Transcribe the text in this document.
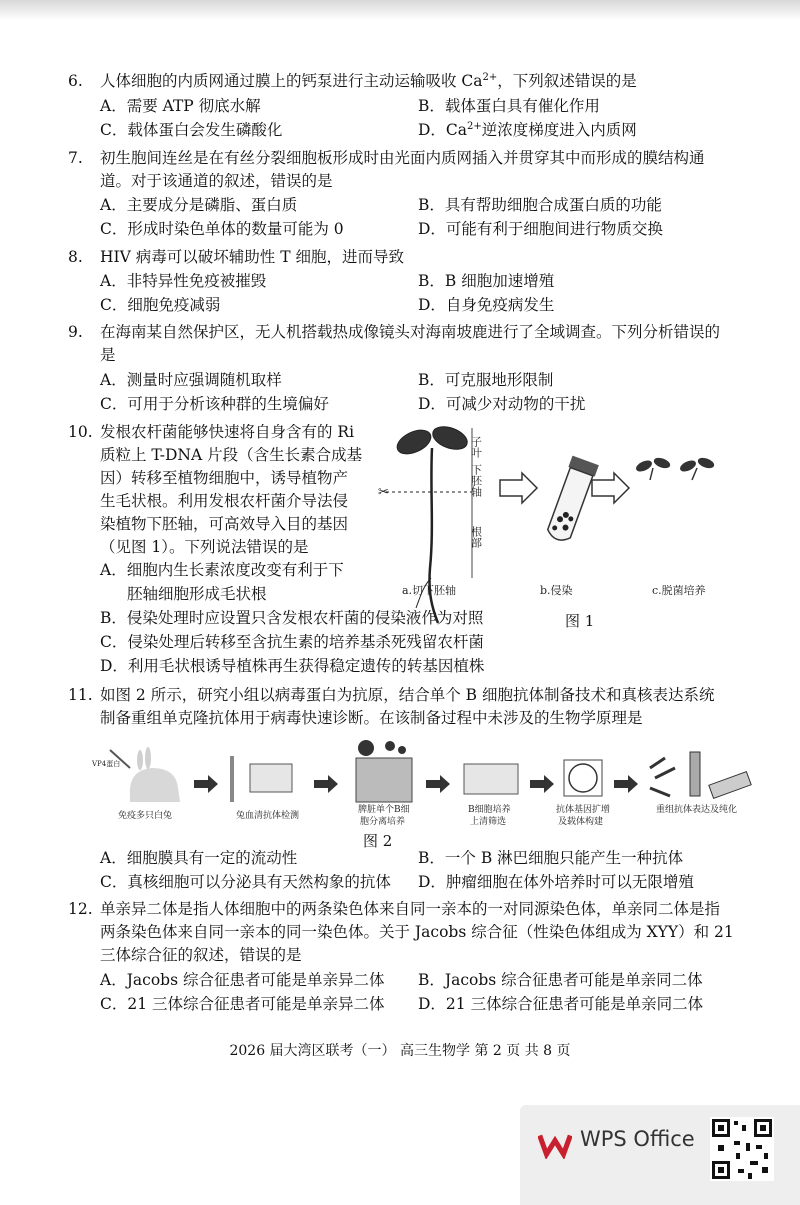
6. 人体细胞的内质网通过膜上的钙泵进行主动运输吸收 $Ca^{2+}$，下列叙述错误的是
A．需要 ATP 彻底水解	B．载体蛋白具有催化作用
C．载体蛋白会发生磷酸化	D．$Ca^{2+}$逆浓度梯度进入内质网
7. 初生胞间连丝是在有丝分裂细胞板形成时由光面内质网插入并贯穿其中而形成的膜结构通
道。对于该通道的叙述，错误的是
A．主要成分是磷脂、蛋白质	B．具有帮助细胞合成蛋白质的功能
C．形成时染色单体的数量可能为 0	D．可能有利于细胞间进行物质交换
8. HIV 病毒可以破坏辅助性 T 细胞，进而导致
A．非特异性免疫被摧毁	B．B 细胞加速增殖
C．细胞免疫减弱	D．自身免疫病发生
9. 在海南某自然保护区，无人机搭载热成像镜头对海南坡鹿进行了全域调查。下列分析错误的
是
A．测量时应强调随机取样	B．可克服地形限制
C．可用于分析该种群的生境偏好	D．可减少对动物的干扰
10. 发根农杆菌能够快速将自身含有的 Ri
质粒上 T-DNA 片段（含生长素合成基
因）转移至植物细胞中，诱导植物产
生毛状根。利用发根农杆菌介导法侵
染植物下胚轴，可高效导入目的基因
（见图 1）。下列说法错误的是
A．细胞内生长素浓度改变有利于下
胚轴细胞形成毛状根
B．侵染处理时应设置只含发根农杆菌的侵染液作为对照
C．侵染处理后转移至含抗生素的培养基杀死残留农杆菌
D．利用毛状根诱导植株再生获得稳定遗传的转基因植株
✂
子叶
下胚轴
根部
a.切下胚轴	b.侵染	c.脱菌培养
图 1
11. 如图 2 所示，研究小组以病毒蛋白为抗原，结合单个 B 细胞抗体制备技术和真核表达系统
制备重组单克隆抗体用于病毒快速诊断。在该制备过程中未涉及的生物学原理是
VP4蛋白
免疫多只白兔	兔血清抗体检测
脾脏单个B细
胞分离培养
B细胞培养
上清筛选
抗体基因扩增
及载体构建
重组抗体表达及纯化
图 2
A．细胞膜具有一定的流动性	B．一个 B 淋巴细胞只能产生一种抗体
C．真核细胞可以分泌具有天然构象的抗体 D．肿瘤细胞在体外培养时可以无限增殖
12. 单亲异二体是指人体细胞中的两条染色体来自同一亲本的一对同源染色体，单亲同二体是指
两条染色体来自同一亲本的同一染色体。关于 Jacobs 综合征（性染色体组成为 XYY）和 21
三体综合征的叙述，错误的是
A．Jacobs 综合征患者可能是单亲异二体 B．Jacobs 综合征患者可能是单亲同二体
C．21 三体综合征患者可能是单亲异二体 D．21 三体综合征患者可能是单亲同二体
2026 届大湾区联考（一） 高三生物学 第 2 页 共 8 页
WPS Office
